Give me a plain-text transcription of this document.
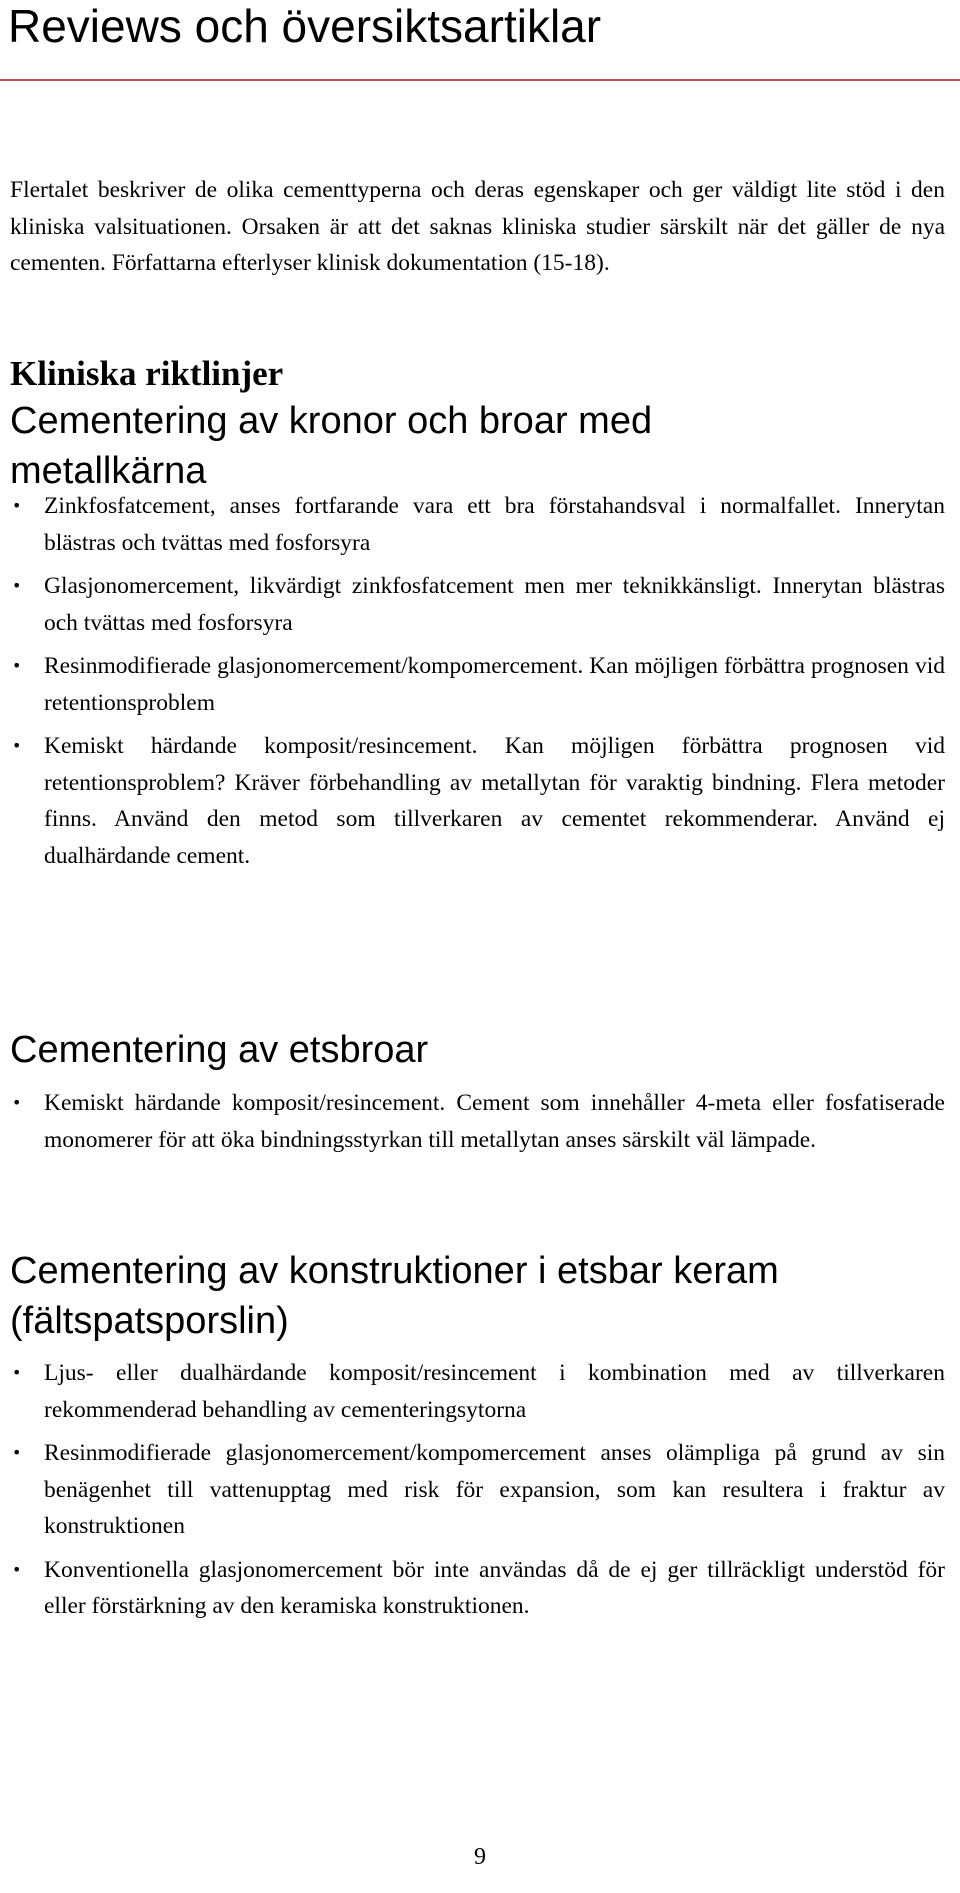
Reviews och översiktsartiklar

Flertalet beskriver de olika cementtyperna och deras egenskaper och ger väldigt lite stöd i den kliniska valsituationen. Orsaken är att det saknas kliniska studier särskilt när det gäller de nya cementen. Författarna efterlyser klinisk dokumentation (15-18).

Kliniska riktlinjer
Cementering av kronor och broar med metallkärna
• Zinkfosfatcement, anses fortfarande vara ett bra förstahandsval i normalfallet. Innerytan blästras och tvättas med fosforsyra
• Glasjonomercement, likvärdigt zinkfosfatcement men mer teknikkänsligt. Innerytan blästras och tvättas med fosforsyra
• Resinmodifierade glasjonomercement/kompomercement. Kan möjligen förbättra prognosen vid retentionsproblem
• Kemiskt härdande komposit/resincement. Kan möjligen förbättra prognosen vid retentionsproblem? Kräver förbehandling av metallytan för varaktig bindning. Flera metoder finns. Använd den metod som tillverkaren av cementet rekommenderar. Använd ej dualhärdande cement.
Cementering av etsbroar
• Kemiskt härdande komposit/resincement. Cement som innehåller 4-meta eller fosfatiserade monomerer för att öka bindningsstyrkan till metallytan anses särskilt väl lämpade.
Cementering av konstruktioner i etsbar keram (fältspatsporslin)
• Ljus- eller dualhärdande komposit/resincement i kombination med av tillverkaren rekommenderad behandling av cementeringsytorna
• Resinmodifierade glasjonomercement/kompomercement anses olämpliga på grund av sin benägenhet till vattenupptag med risk för expansion, som kan resultera i fraktur av konstruktionen
• Konventionella glasjonomercement bör inte användas då de ej ger tillräckligt understöd för eller förstärkning av den keramiska konstruktionen.

9
